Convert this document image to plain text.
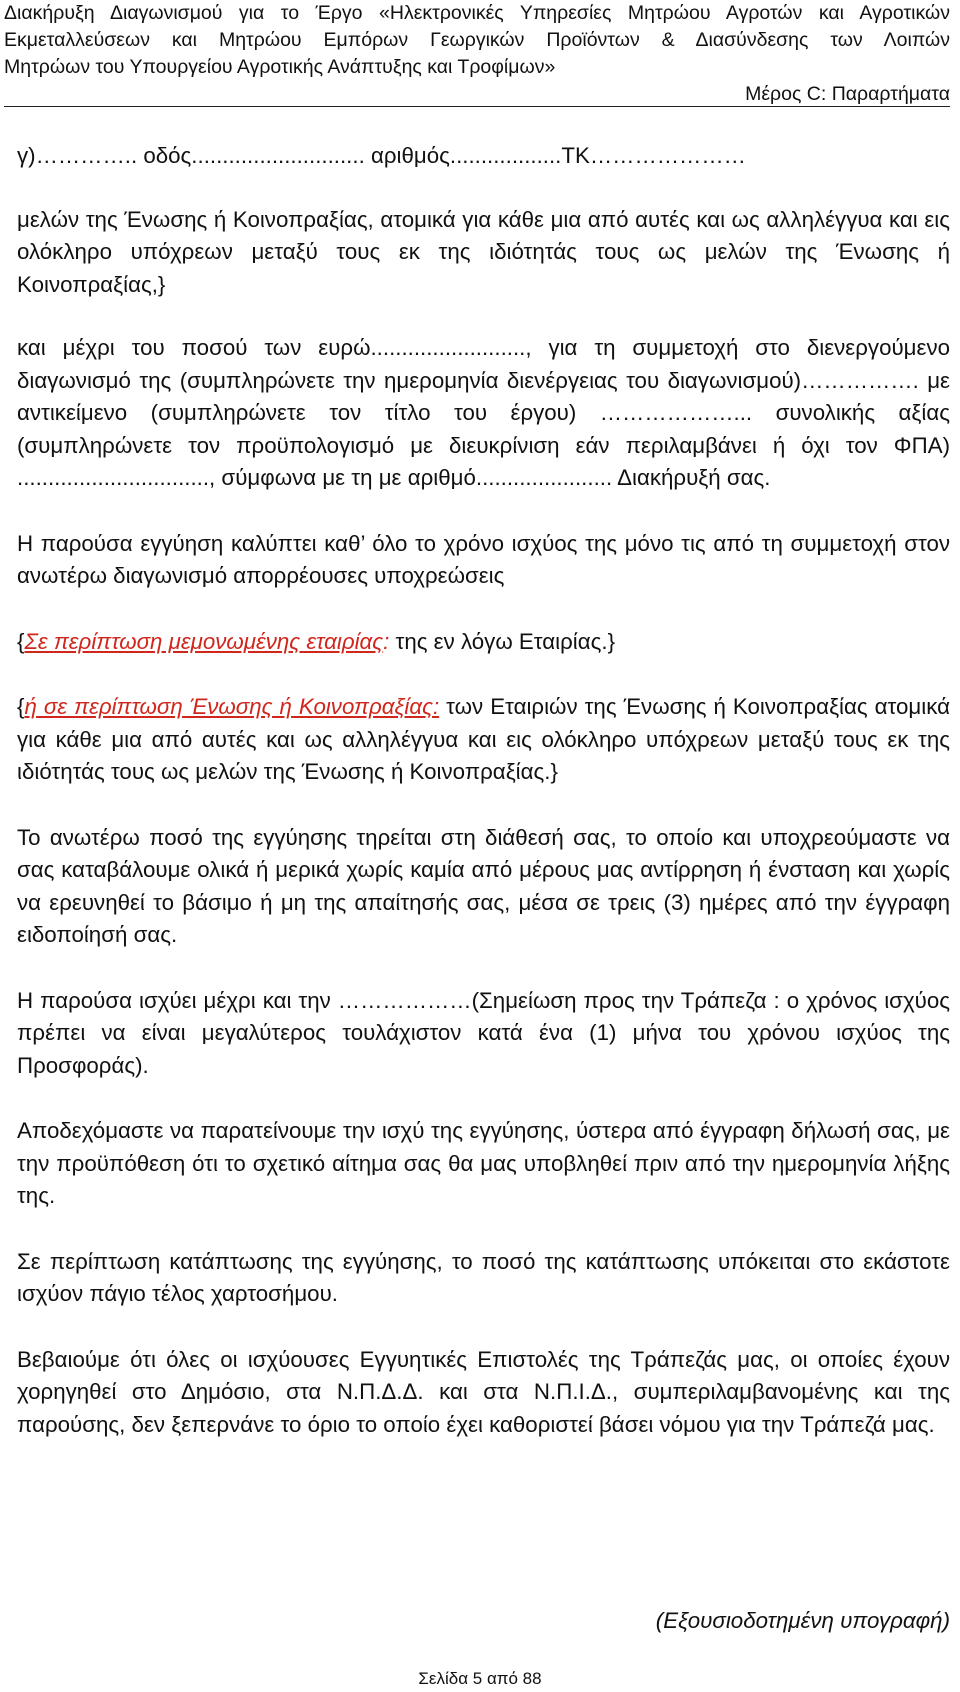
Διακήρυξη Διαγωνισμού για το Έργο «Ηλεκτρονικές Υπηρεσίες Μητρώου Αγροτών και Αγροτικών
Εκμεταλλεύσεων και Μητρώου Εμπόρων Γεωργικών Προϊόντων & Διασύνδεσης των Λοιπών
Μητρώων του Υπουργείου Αγροτικής Ανάπτυξης και Τροφίμων»

Μέρος C: Παραρτήματα

γ)………….. οδός............................ αριθμός..................ΤΚ…………………

μελών της Ένωσης ή Κοινοπραξίας, ατομικά για κάθε μια από αυτές και ως αλληλέγγυα και εις ολόκληρο υπόχρεων μεταξύ τους εκ της ιδιότητάς τους ως μελών της Ένωσης ή Κοινοπραξίας,}

και μέχρι του ποσού των ευρώ........................., για τη συμμετοχή στο διενεργούμενο διαγωνισμό της (συμπληρώνετε την ημερομηνία διενέργειας του διαγωνισμού)……………. με αντικείμενο (συμπληρώνετε τον τίτλο του έργου) ………………... συνολικής αξίας (συμπληρώνετε τον προϋπολογισμό με διευκρίνιση εάν περιλαμβάνει ή όχι τον ΦΠΑ) ..............................., σύμφωνα με τη με αριθμό...................... Διακήρυξή σας.

Η παρούσα εγγύηση καλύπτει καθ’ όλο το χρόνο ισχύος της μόνο τις από τη συμμετοχή στον ανωτέρω διαγωνισμό απορρέουσες υποχρεώσεις

{Σε περίπτωση μεμονωμένης εταιρίας: της εν λόγω Εταιρίας.}

{ή σε περίπτωση Ένωσης ή Κοινοπραξίας: των Εταιριών της Ένωσης ή Κοινοπραξίας ατομικά για κάθε μια από αυτές και ως αλληλέγγυα και εις ολόκληρο υπόχρεων μεταξύ τους εκ της ιδιότητάς τους ως μελών της Ένωσης ή Κοινοπραξίας.}

Το ανωτέρω ποσό της εγγύησης τηρείται στη διάθεσή σας, το οποίο και υποχρεούμαστε να σας καταβάλουμε ολικά ή μερικά χωρίς καμία από μέρους μας αντίρρηση ή ένσταση και χωρίς να ερευνηθεί το βάσιμο ή μη της απαίτησής σας, μέσα σε τρεις (3) ημέρες από την έγγραφη ειδοποίησή σας.

Η παρούσα ισχύει μέχρι και την ………………(Σημείωση προς την Τράπεζα : ο χρόνος ισχύος πρέπει να είναι μεγαλύτερος τουλάχιστον κατά ένα (1) μήνα του χρόνου ισχύος της Προσφοράς).

Αποδεχόμαστε να παρατείνουμε την ισχύ της εγγύησης, ύστερα από έγγραφη δήλωσή σας, με την προϋπόθεση ότι το σχετικό αίτημα σας θα μας υποβληθεί πριν από την ημερομηνία λήξης της.

Σε περίπτωση κατάπτωσης της εγγύησης, το ποσό της κατάπτωσης υπόκειται στο εκάστοτε ισχύον πάγιο τέλος χαρτοσήμου.

Βεβαιούμε ότι όλες οι ισχύουσες Εγγυητικές Επιστολές της Τράπεζάς μας, οι οποίες έχουν χορηγηθεί στο Δημόσιο, στα Ν.Π.Δ.Δ. και στα Ν.Π.Ι.Δ., συμπεριλαμβανομένης και της παρούσης, δεν ξεπερνάνε το όριο το οποίο έχει καθοριστεί βάσει νόμου για την Τράπεζά μας.

(Εξουσιοδοτημένη υπογραφή)
Σελίδα 5 από 88
